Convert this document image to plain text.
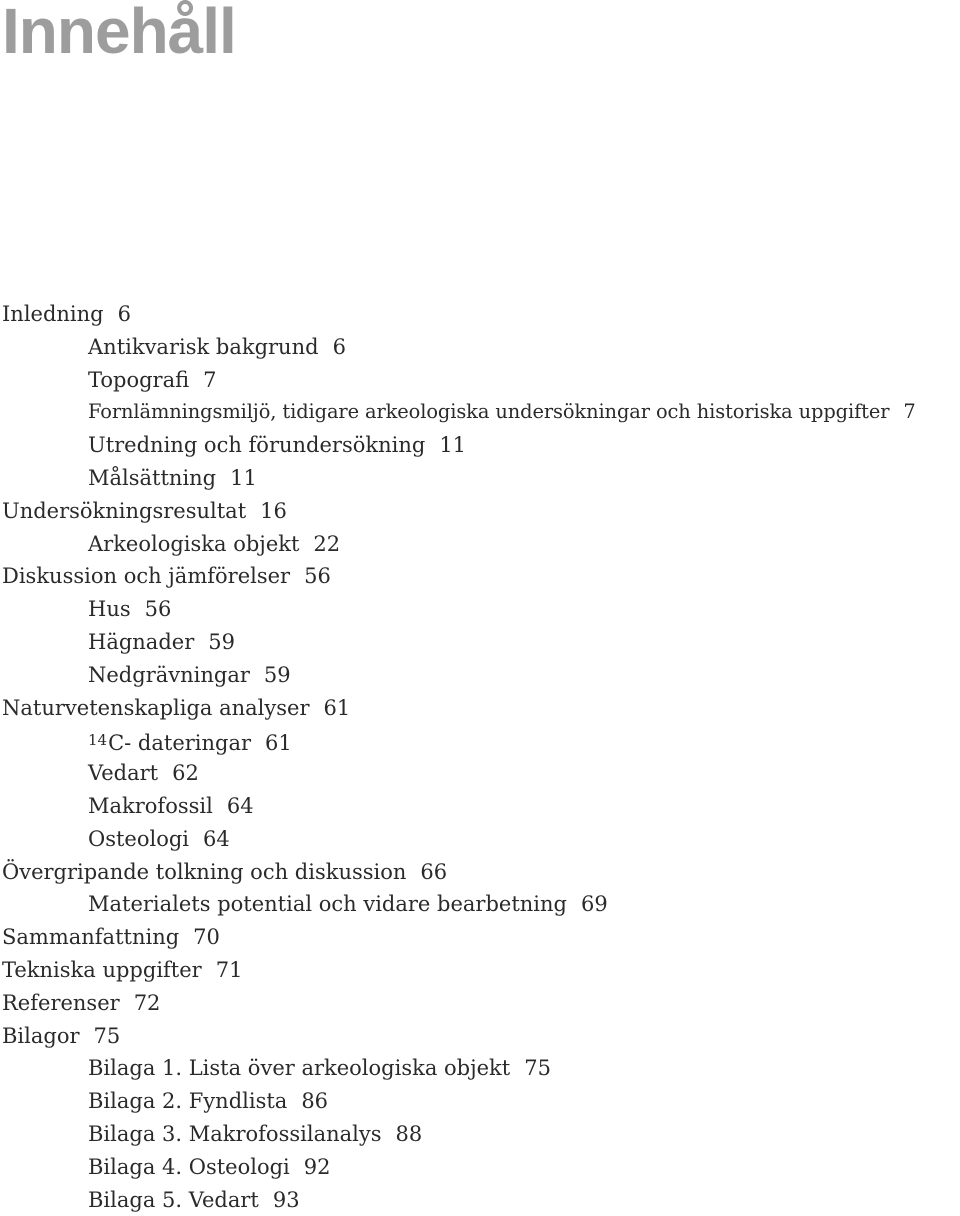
Innehåll
Inledning 6
Antikvarisk bakgrund 6
Topografi 7
Fornlämningsmiljö, tidigare arkeologiska undersökningar och historiska uppgifter 7
Utredning och förundersökning 11
Målsättning 11
Undersökningsresultat 16
Arkeologiska objekt 22
Diskussion och jämförelser 56
Hus 56
Hägnader 59
Nedgrävningar 59
Naturvetenskapliga analyser 61
$^{14}$C- dateringar 61
Vedart 62
Makrofossil 64
Osteologi 64
Övergripande tolkning och diskussion 66
Materialets potential och vidare bearbetning 69
Sammanfattning 70
Tekniska uppgifter 71
Referenser 72
Bilagor 75
Bilaga 1. Lista över arkeologiska objekt 75
Bilaga 2. Fyndlista 86
Bilaga 3. Makrofossilanalys 88
Bilaga 4. Osteologi 92
Bilaga 5. Vedart 93
